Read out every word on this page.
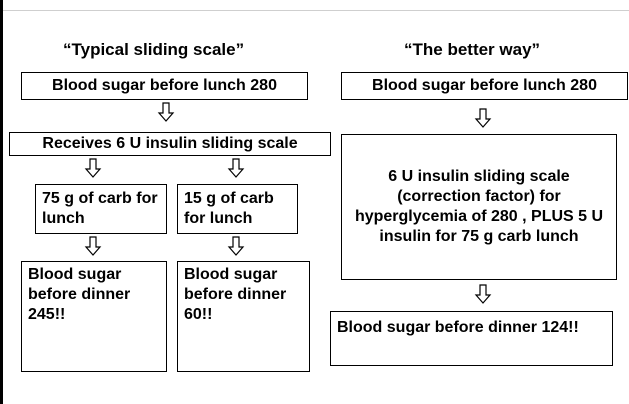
“Typical sliding scale”
Blood sugar before lunch 280
Receives 6 U insulin sliding scale
75 g of carb for lunch
15 g of carb for lunch
Blood sugar before dinner 245!!
Blood sugar before dinner 60!!
“The better way”
Blood sugar before lunch 280
6 U insulin sliding scale (correction factor) for hyperglycemia of 280 , PLUS 5 U insulin for 75 g carb lunch
Blood sugar before dinner 124!!
